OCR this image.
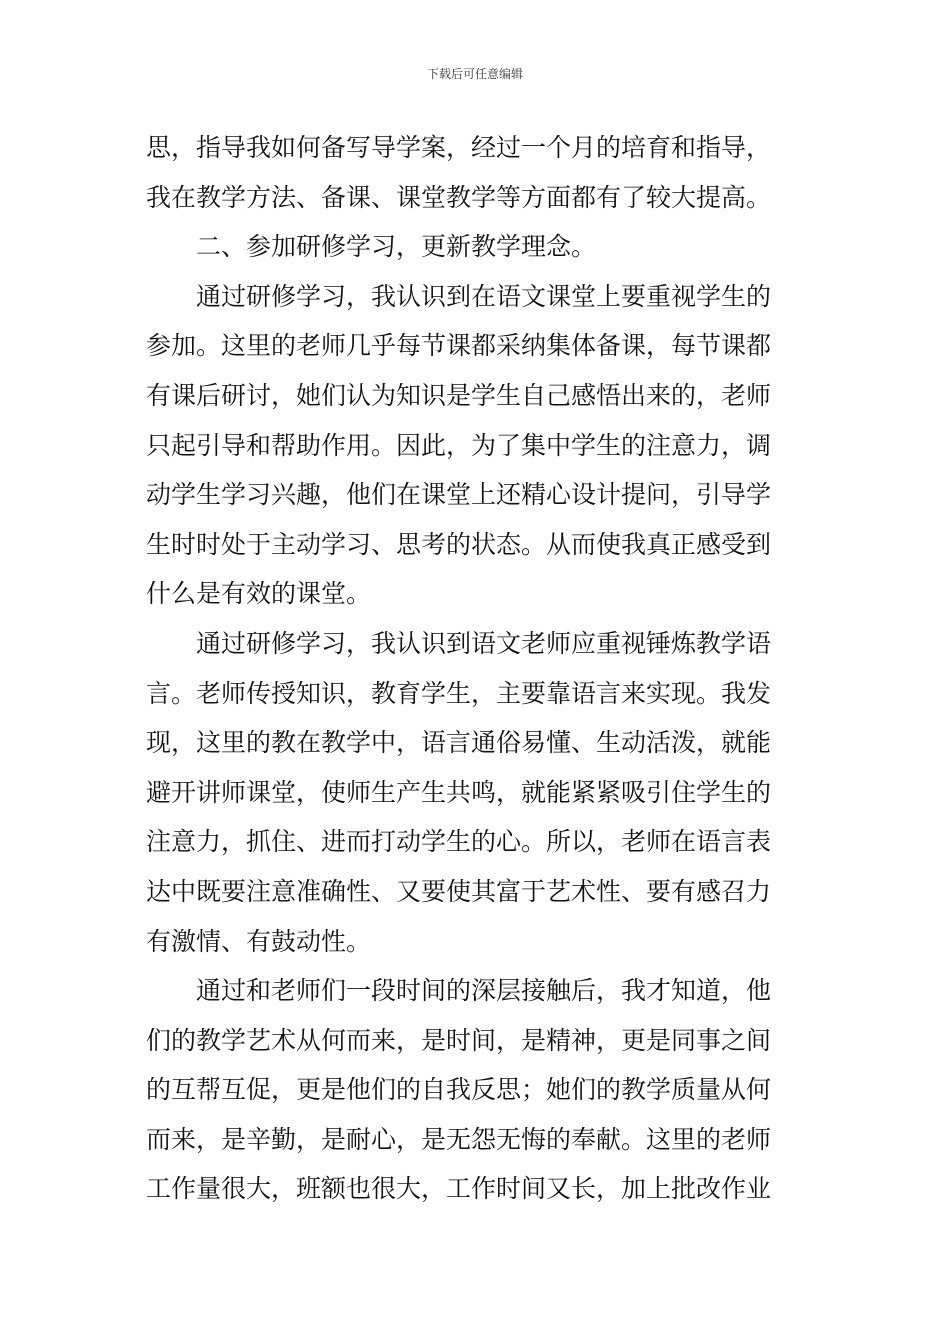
下载后可任意编辑
思，指导我如何备写导学案，经过一个月的培育和指导，
我在教学方法、备课、课堂教学等方面都有了较大提高。
二、参加研修学习，更新教学理念。
通过研修学习，我认识到在语文课堂上要重视学生的
参加。这里的老师几乎每节课都采纳集体备课，每节课都
有课后研讨，她们认为知识是学生自己感悟出来的，老师
只起引导和帮助作用。因此，为了集中学生的注意力，调
动学生学习兴趣，他们在课堂上还精心设计提问，引导学
生时时处于主动学习、思考的状态。从而使我真正感受到
什么是有效的课堂。
通过研修学习，我认识到语文老师应重视锤炼教学语
言。老师传授知识，教育学生，主要靠语言来实现。我发
现，这里的教在教学中，语言通俗易懂、生动活泼，就能
避开讲师课堂，使师生产生共鸣，就能紧紧吸引住学生的
注意力，抓住、进而打动学生的心。所以，老师在语言表
达中既要注意准确性、又要使其富于艺术性、要有感召力
有激情、有鼓动性。
通过和老师们一段时间的深层接触后，我才知道，他
们的教学艺术从何而来，是时间，是精神，更是同事之间
的互帮互促，更是他们的自我反思；她们的教学质量从何
而来，是辛勤，是耐心，是无怨无悔的奉献。这里的老师
工作量很大，班额也很大，工作时间又长，加上批改作业
